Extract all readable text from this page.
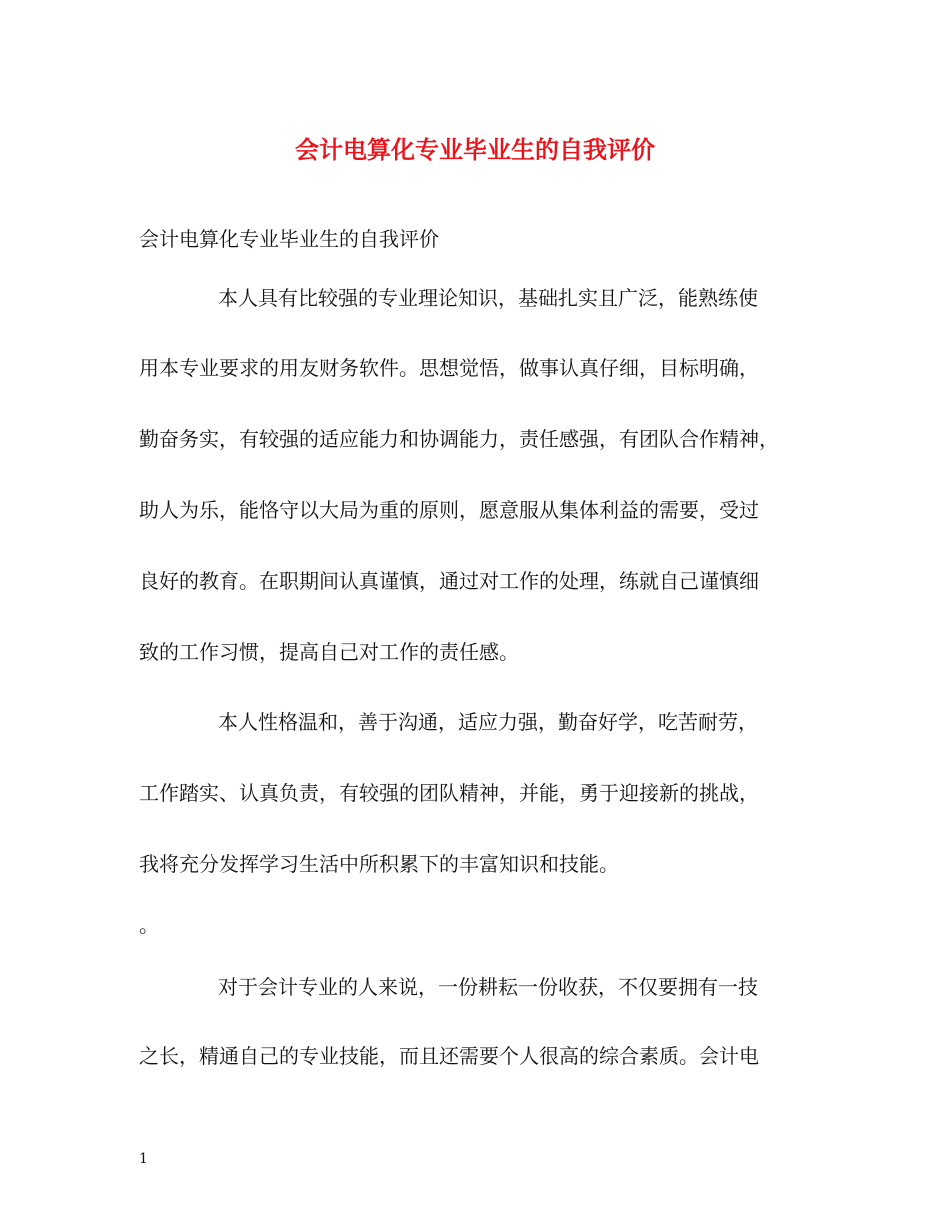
会计电算化专业毕业生的自我评价

会计电算化专业毕业生的自我评价

本人具有比较强的专业理论知识，基础扎实且广泛，能熟练使

用本专业要求的用友财务软件。思想觉悟，做事认真仔细，目标明确，

勤奋务实，有较强的适应能力和协调能力，责任感强，有团队合作精神，

助人为乐，能恪守以大局为重的原则，愿意服从集体利益的需要，受过

良好的教育。在职期间认真谨慎，通过对工作的处理，练就自己谨慎细

致的工作习惯，提高自己对工作的责任感。

本人性格温和，善于沟通，适应力强，勤奋好学，吃苦耐劳，

工作踏实、认真负责，有较强的团队精神，并能，勇于迎接新的挑战，

我将充分发挥学习生活中所积累下的丰富知识和技能。

。

对于会计专业的人来说，一份耕耘一份收获，不仅要拥有一技

之长，精通自己的专业技能，而且还需要个人很高的综合素质。会计电

1
